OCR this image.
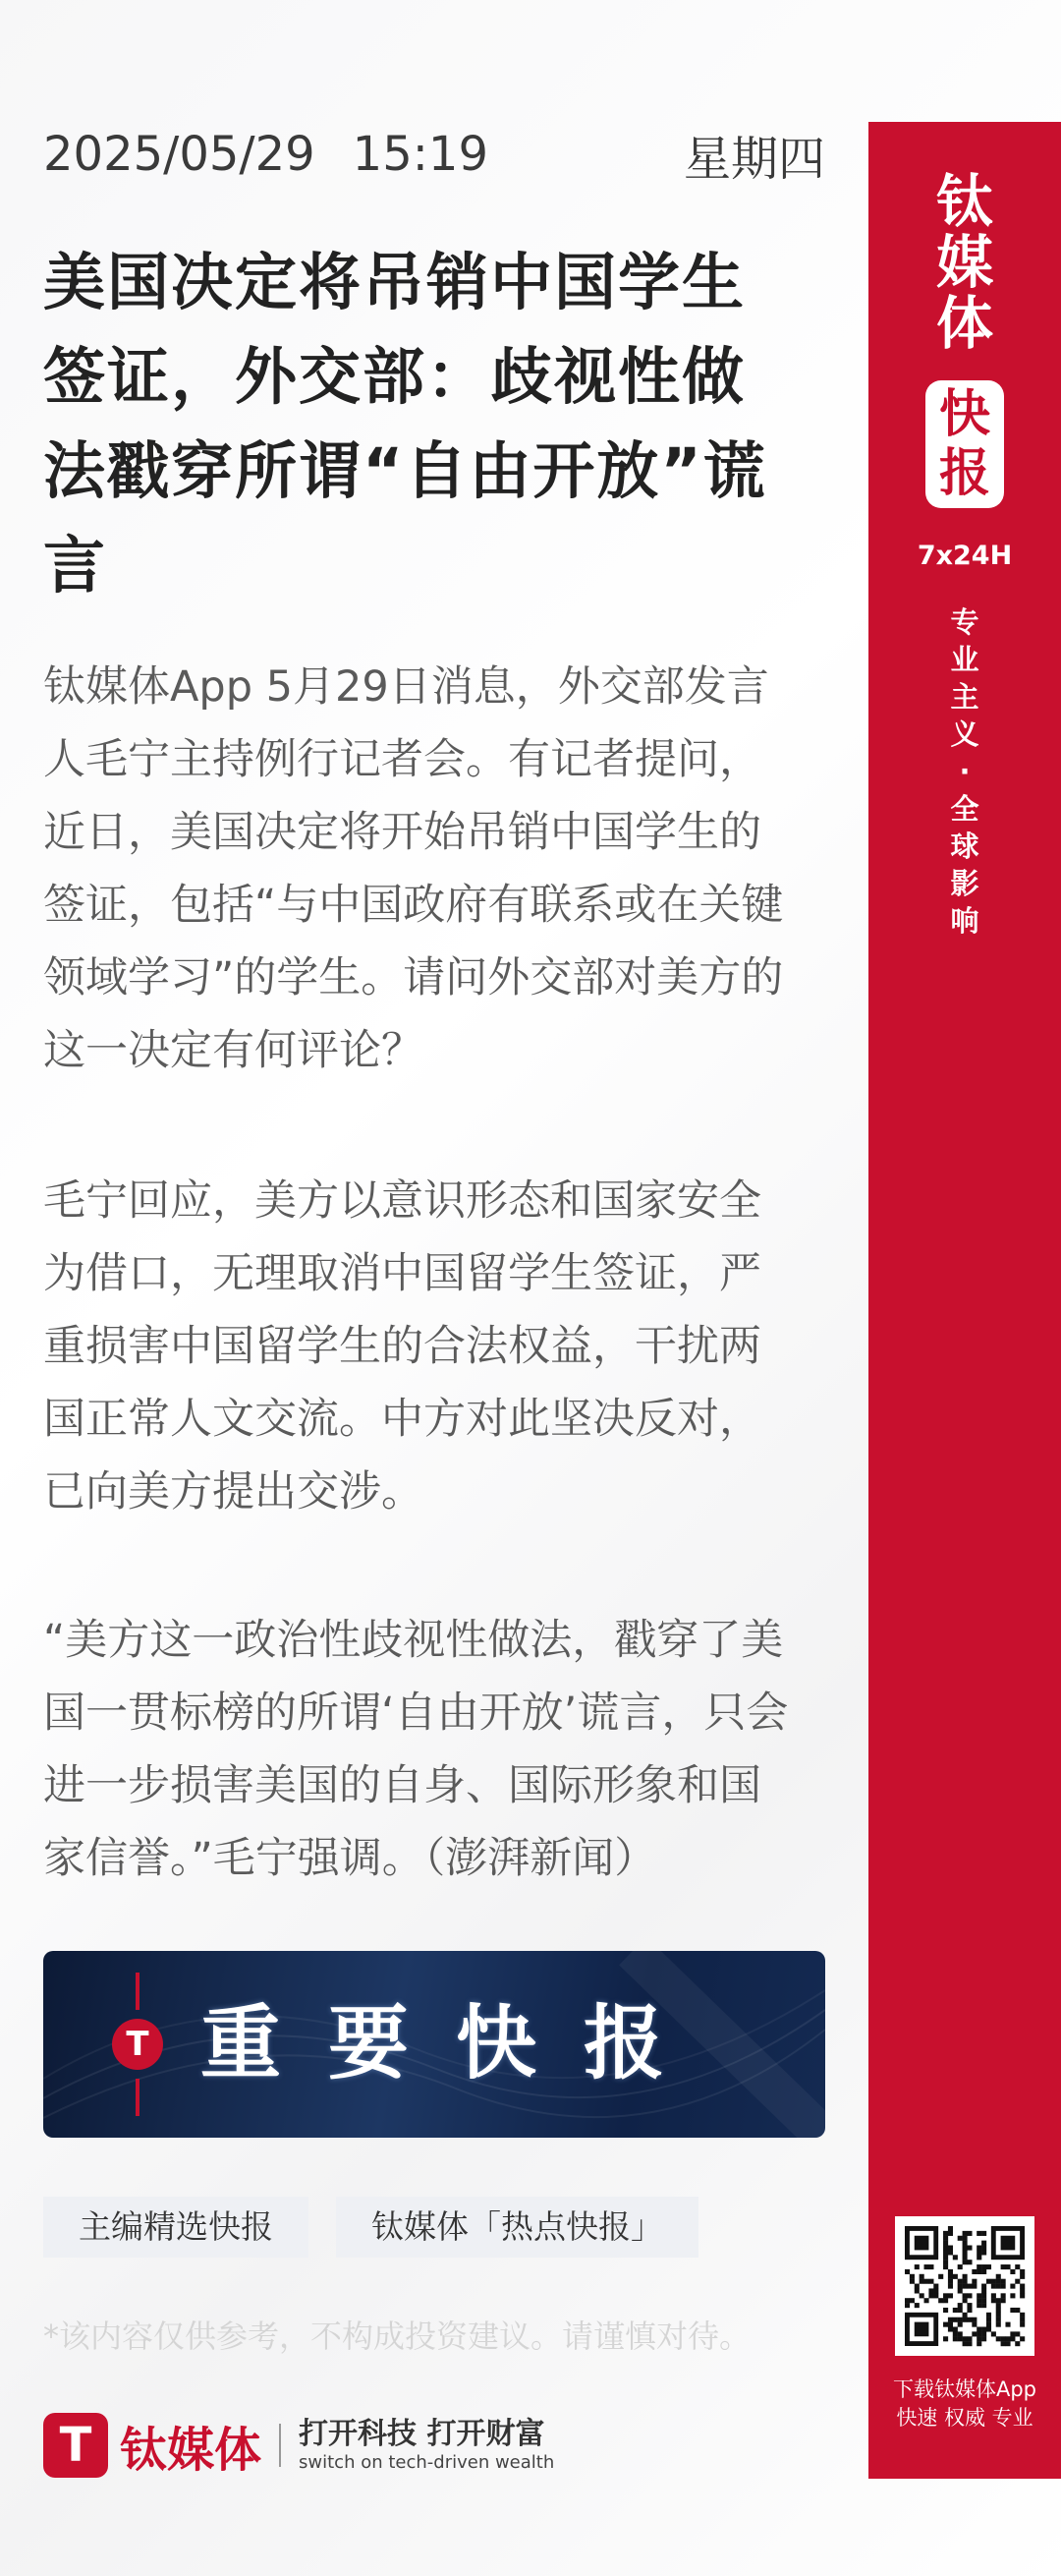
2025/05/29 15:19	星期四
美国决定将吊销中国学生
签证，外交部：歧视性做
法戳穿所谓“自由开放”谎
言
钛媒体App 5月29日消息，外交部发言
人毛宁主持例行记者会。有记者提问，
近日，美国决定将开始吊销中国学生的
签证，包括“与中国政府有联系或在关键
领域学习”的学生。请问外交部对美方的
这一决定有何评论？
毛宁回应，美方以意识形态和国家安全
为借口，无理取消中国留学生签证，严
重损害中国留学生的合法权益，干扰两
国正常人文交流。中方对此坚决反对，
已向美方提出交涉。
“美方这一政治性歧视性做法，戳穿了美
国一贯标榜的所谓‘自由开放’谎言，只会
进一步损害美国的自身、国际形象和国
家信誉。”毛宁强调。（澎湃新闻）
T 重要快报
主编精选快报	钛媒体「热点快报」
*该内容仅供参考，不构成投资建议。请谨慎对待。
T 钛媒体 打开科技 打开财富
switch on tech-driven wealth
钛
媒
体
快
报
7x24H
专
业
主
义
·
全
球
影
响
下载钛媒体App
快速 权威 专业
